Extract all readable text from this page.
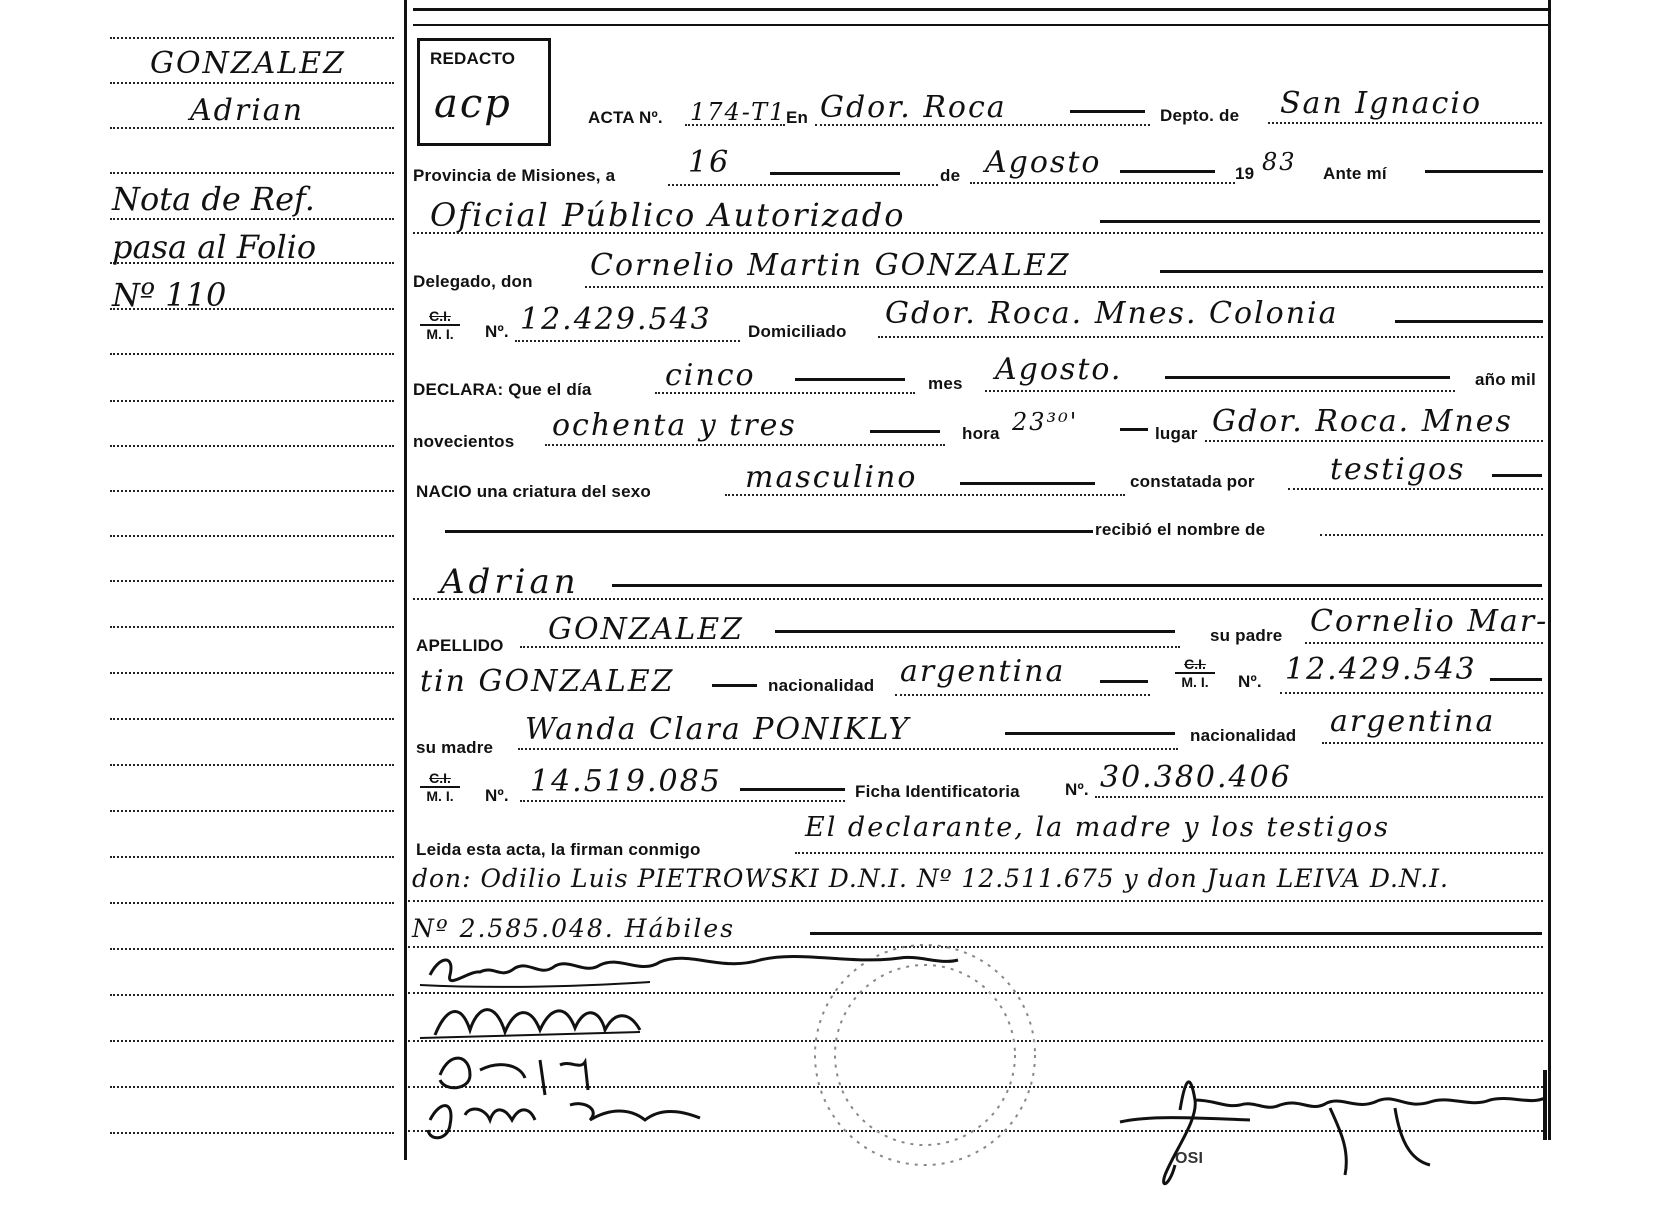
GONZALEZ
Adrian
Nota de Ref.
pasa al Folio
Nº 110
REDACTO
acp	ACTA Nº. 174-T1 En Gdor. Roca	Depto. de San Ignacio
Provincia de Misiones, a 16	de Agosto	19 83 Ante mí
Oficial Público Autorizado
Delegado, don Cornelio Martin GONZALEZ
$\frac{C.I.}{M. I.}$ Nº. 12.429.543 Domiciliado
Gdor. Roca. Mnes. Colonia
DECLARA: Que el día cinco	mes Agosto.	año mil
novecientos ochenta y tres	hora 23³⁰'	lugar Gdor. Roca. Mnes
NACIO una criatura del sexo	masculino	constatada por	testigos
recibió el nombre de
Adrian
APELLIDO GONZALEZ	su padre Cornelio Mar-
tin GONZALEZ	nacionalidad argentina	$\frac{C.I.}{M. I.}$ Nº. 12.429.543
su madre
Wanda Clara PONIKLY	nacionalidad argentina
$\frac{C.I.}{M. I.}$ Nº. 14.519.085	Ficha Identificatoria	Nº. 30.380.406
Leida esta acta, la firman conmigo
El declarante, la madre y los testigos
don: Odilio Luis PIETROWSKI D.N.I. Nº 12.511.675 y don Juan LEIVA D.N.I.
Nº 2.585.048. Hábiles
OSI
